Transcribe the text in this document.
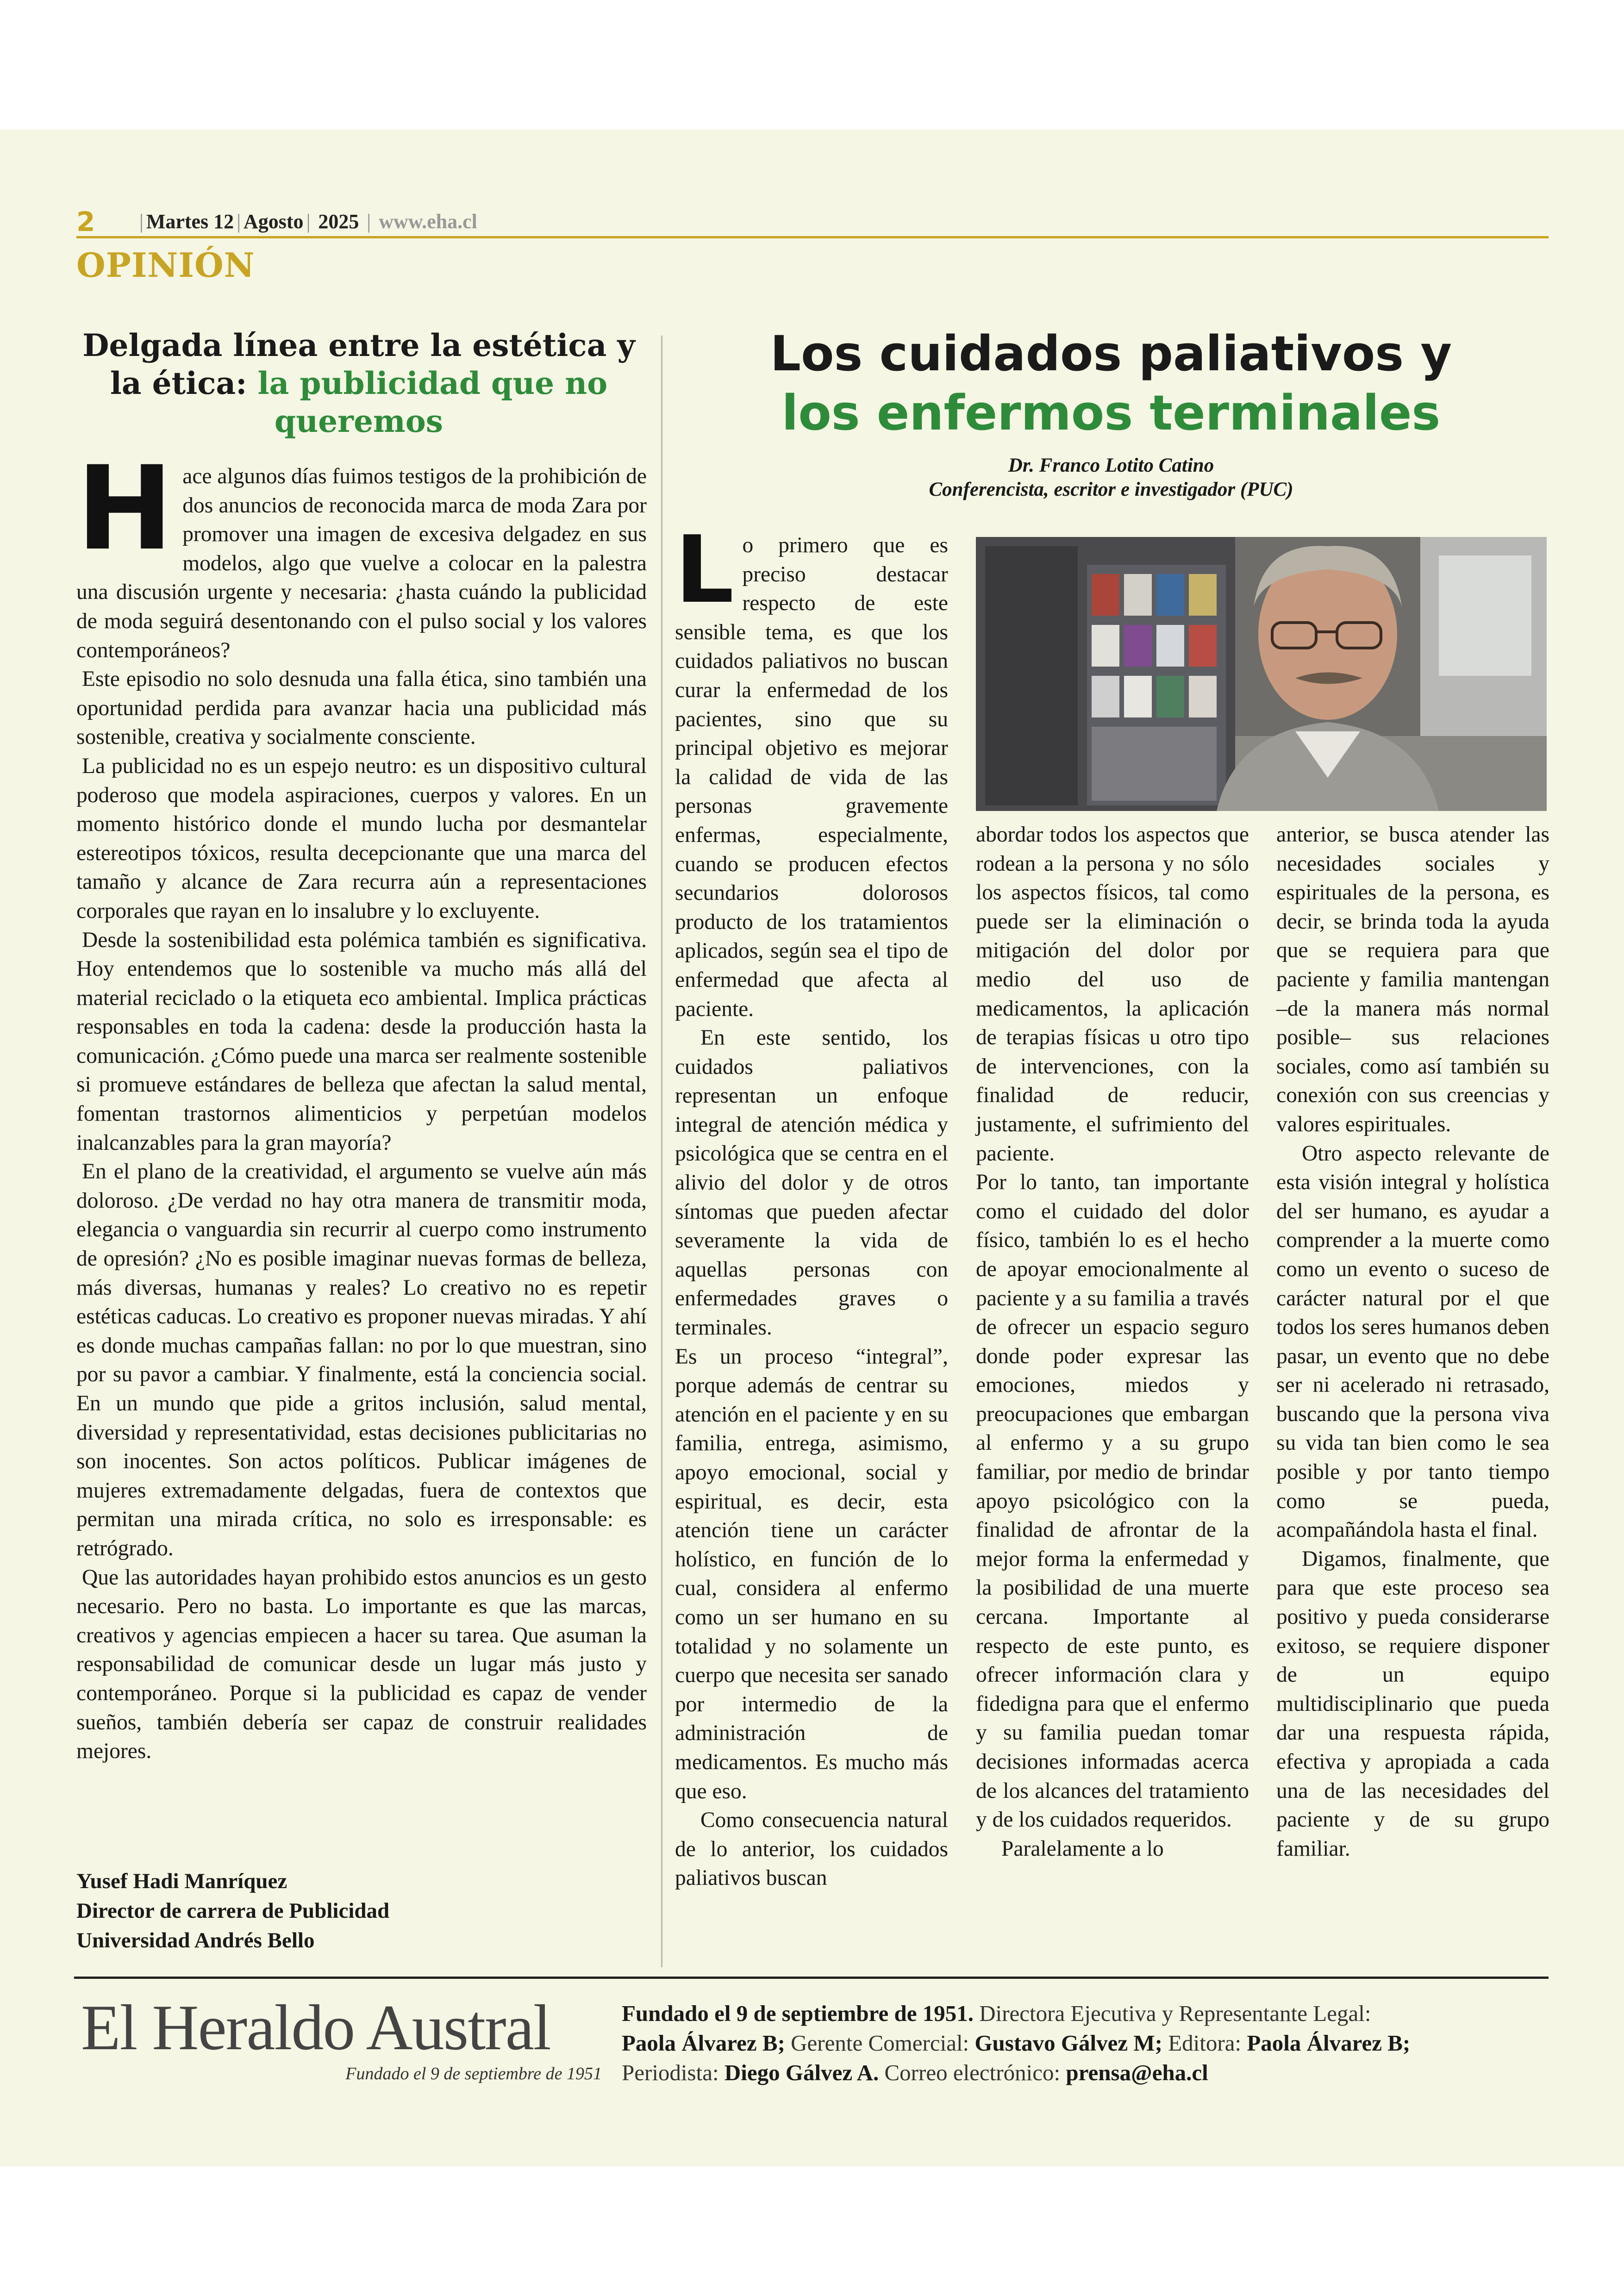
2 | Martes 12 | Agosto | 2025 | www.eha.cl
OPINIÓN
Delgada línea entre la estética y la ética: la publicidad que no queremos

Hace algunos días fuimos testigos de la prohibición de dos anuncios de reconocida marca de moda Zara por promover una imagen de excesiva delgadez en sus modelos, algo que vuelve a colocar en la palestra una discusión urgente y necesaria: ¿hasta cuándo la publicidad de moda seguirá desentonando con el pulso social y los valores contemporáneos?

Este episodio no solo desnuda una falla ética, sino también una oportunidad perdida para avanzar hacia una publicidad más sostenible, creativa y socialmente consciente.

La publicidad no es un espejo neutro: es un dispositivo cultural poderoso que modela aspiraciones, cuerpos y valores. En un momento histórico donde el mundo lucha por desmantelar estereotipos tóxicos, resulta decepcionante que una marca del tamaño y alcance de Zara recurra aún a representaciones corporales que rayan en lo insalubre y lo excluyente.

Desde la sostenibilidad esta polémica también es significativa. Hoy entendemos que lo sostenible va mucho más allá del material reciclado o la etiqueta eco ambiental. Implica prácticas responsables en toda la cadena: desde la producción hasta la comunicación. ¿Cómo puede una marca ser realmente sostenible si promueve estándares de belleza que afectan la salud mental, fomentan trastornos alimenticios y perpetúan modelos inalcanzables para la gran mayoría?

En el plano de la creatividad, el argumento se vuelve aún más doloroso. ¿De verdad no hay otra manera de transmitir moda, elegancia o vanguardia sin recurrir al cuerpo como instrumento de opresión? ¿No es posible imaginar nuevas formas de belleza, más diversas, humanas y reales? Lo creativo no es repetir estéticas caducas. Lo creativo es proponer nuevas miradas. Y ahí es donde muchas campañas fallan: no por lo que muestran, sino por su pavor a cambiar. Y finalmente, está la conciencia social. En un mundo que pide a gritos inclusión, salud mental, diversidad y representatividad, estas decisiones publicitarias no son inocentes. Son actos políticos. Publicar imágenes de mujeres extremadamente delgadas, fuera de contextos que permitan una mirada crítica, no solo es irresponsable: es retrógrado.

Que las autoridades hayan prohibido estos anuncios es un gesto necesario. Pero no basta. Lo importante es que las marcas, creativos y agencias empiecen a hacer su tarea. Que asuman la responsabilidad de comunicar desde un lugar más justo y contemporáneo. Porque si la publicidad es capaz de vender sueños, también debería ser capaz de construir realidades mejores.

Yusef Hadi Manríquez
Director de carrera de Publicidad
Universidad Andrés Bello
Los cuidados paliativos y
los enfermos terminales
Dr. Franco Lotito Catino
Conferencista, escritor e investigador (PUC)

Lo primero que es preciso destacar respecto de este sensible tema, es que los cuidados paliativos no buscan curar la enfermedad de los pacientes, sino que su principal objetivo es mejorar la calidad de vida de las personas gravemente enfermas, especialmente, cuando se producen efectos secundarios dolorosos producto de los tratamientos aplicados, según sea el tipo de enfermedad que afecta al paciente.

En este sentido, los cuidados paliativos representan un enfoque integral de atención médica y psicológica que se centra en el alivio del dolor y de otros síntomas que pueden afectar severamente la vida de aquellas personas con enfermedades graves o terminales.

Es un proceso “integral”, porque además de centrar su atención en el paciente y en su familia, entrega, asimismo, apoyo emocional, social y espiritual, es decir, esta atención tiene un carácter holístico, en función de lo cual, considera al enfermo como un ser humano en su totalidad y no solamente un cuerpo que necesita ser sanado por intermedio de la administración de medicamentos. Es mucho más que eso.

Como consecuencia natural de lo anterior, los cuidados paliativos buscan

abordar todos los aspectos que rodean a la persona y no sólo los aspectos físicos, tal como puede ser la eliminación o mitigación del dolor por medio del uso de medicamentos, la aplicación de terapias físicas u otro tipo de intervenciones, con la finalidad de reducir, justamente, el sufrimiento del paciente.

Por lo tanto, tan importante como el cuidado del dolor físico, también lo es el hecho de apoyar emocionalmente al paciente y a su familia a través de ofrecer un espacio seguro donde poder expresar las emociones, miedos y preocupaciones que embargan al enfermo y a su grupo familiar, por medio de brindar apoyo psicológico con la finalidad de afrontar de la mejor forma la enfermedad y la posibilidad de una muerte cercana. Importante al respecto de este punto, es ofrecer información clara y fidedigna para que el enfermo y su familia puedan tomar decisiones informadas acerca de los alcances del tratamiento y de los cuidados requeridos.

Paralelamente a lo

anterior, se busca atender las necesidades sociales y espirituales de la persona, es decir, se brinda toda la ayuda que se requiera para que paciente y familia mantengan –de la manera más normal posible– sus relaciones sociales, como así también su conexión con sus creencias y valores espirituales.

Otro aspecto relevante de esta visión integral y holística del ser humano, es ayudar a comprender a la muerte como como un evento o suceso de carácter natural por el que todos los seres humanos deben pasar, un evento que no debe ser ni acelerado ni retrasado, buscando que la persona viva su vida tan bien como le sea posible y por tanto tiempo como se pueda, acompañándola hasta el final.

Digamos, finalmente, que para que este proceso sea positivo y pueda considerarse exitoso, se requiere disponer de un equipo multidisciplinario que pueda dar una respuesta rápida, efectiva y apropiada a cada una de las necesidades del paciente y de su grupo familiar.

El Heraldo Austral
Fundado el 9 de septiembre de 1951
Fundado el 9 de septiembre de 1951. Directora Ejecutiva y Representante Legal:
Paola Álvarez B; Gerente Comercial: Gustavo Gálvez M; Editora: Paola Álvarez B;
Periodista: Diego Gálvez A. Correo electrónico: prensa@eha.cl
